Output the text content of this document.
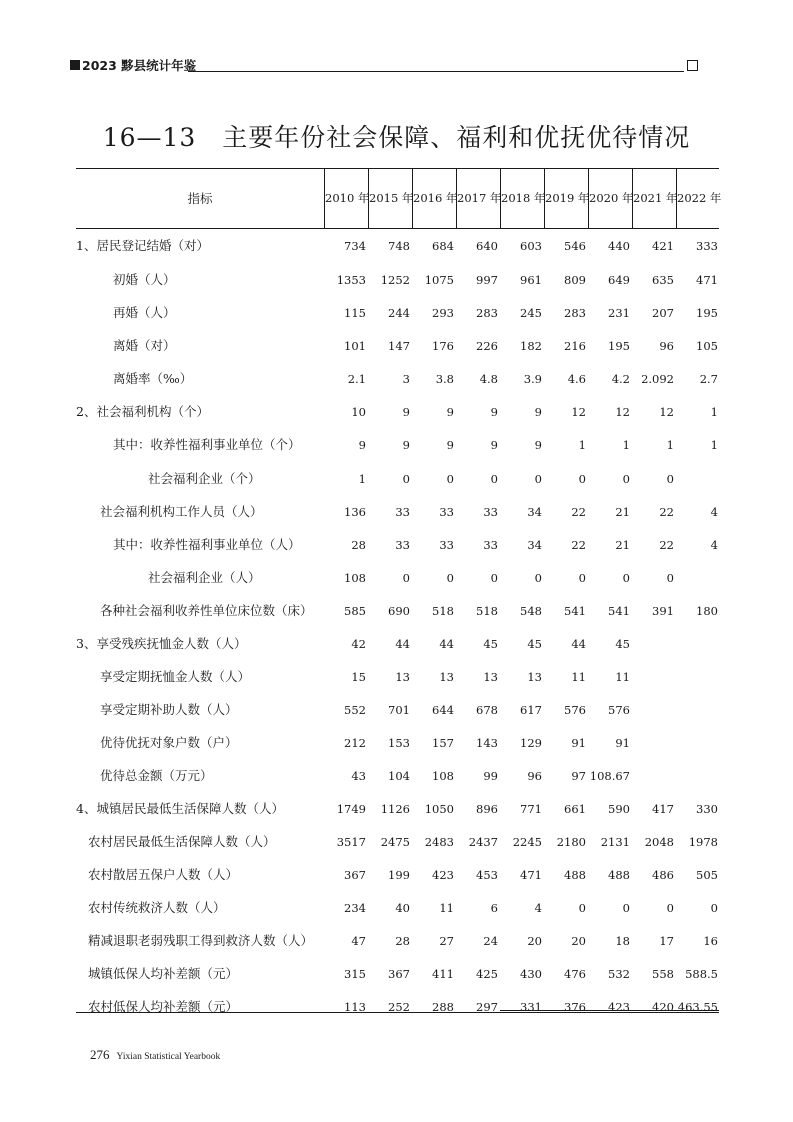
2023 黟县统计年鉴
16—13　主要年份社会保障、福利和优抚优待情况
指标	2010 年 2015 年 2016 年 2017 年 2018 年 2019 年 2020 年 2021 年 2022 年
1、居民登记结婚（对）	734	748	684	640	603	546	440	421	333
初婚（人）	1353	1252	1075	997	961	809	649	635	471
再婚（人）	115	244	293	283	245	283	231	207	195
离婚（对）	101	147	176	226	182	216	195	96	105
离婚率（‰）	2.1	3	3.8	4.8	3.9	4.6	4.2 2.092	2.7
2、社会福利机构（个）	10	9	9	9	9	12	12	12	1
其中：收养性福利事业单位（个）	9	9	9	9	9	1	1	1	1
社会福利企业（个）	1	0	0	0	0	0	0	0
社会福利机构工作人员（人）	136	33	33	33	34	22	21	22	4
其中：收养性福利事业单位（人）	28	33	33	33	34	22	21	22	4
社会福利企业（人）	108	0	0	0	0	0	0	0
各种社会福利收养性单位床位数（床）	585	690	518	518	548	541	541	391	180
3、享受残疾抚恤金人数（人）	42	44	44	45	45	44	45
享受定期抚恤金人数（人）	15	13	13	13	13	11	11
享受定期补助人数（人）	552	701	644	678	617	576	576
优待优抚对象户数（户）	212	153	157	143	129	91	91
优待总金额（万元）	43	104	108	99	96	97 108.67
4、城镇居民最低生活保障人数（人）	1749	1126	1050	896	771	661	590	417	330
农村居民最低生活保障人数（人）	3517	2475	2483	2437	2245	2180	2131	2048	1978
农村散居五保户人数（人）	367	199	423	453	471	488	488	486	505
农村传统救济人数（人）	234	40	11	6	4	0	0	0	0
精减退职老弱残职工得到救济人数（人）	47	28	27	24	20	20	18	17	16
城镇低保人均补差额（元）	315	367	411	425	430	476	532	558 588.5
农村低保人均补差额（元）	113	252	288	297	331	376	423	420 463.55
276 Yixian Statistical Yearbook
